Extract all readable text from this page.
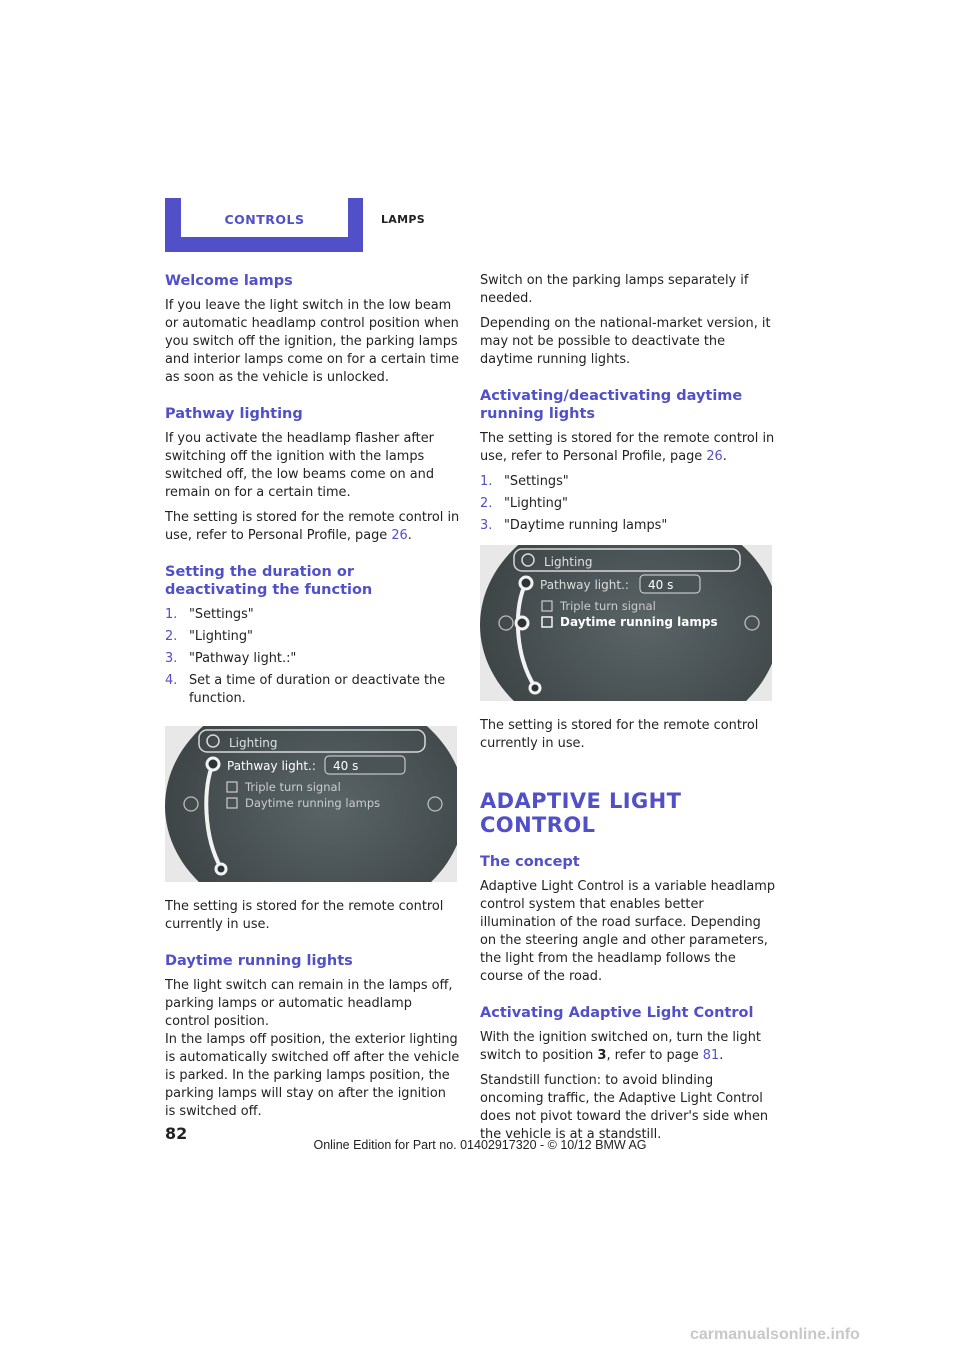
CONTROLS	LAMPS
Welcome lamps

If you leave the light switch in the low beam or automatic headlamp control position when you switch off the ignition, the parking lamps and interior lamps come on for a certain time as soon as the vehicle is unlocked.

Pathway lighting

If you activate the headlamp flasher after switching off the ignition with the lamps switched off, the low beams come on and remain on for a certain time.

The setting is stored for the remote control in use, refer to Personal Profile, page 26.

Setting the duration or deactivating the function
1. "Settings"
2. "Lighting"
3. "Pathway light.:"
4. Set a time of duration or deactivate the function.
Lighting
Pathway light.: 40 s
Triple turn signal
Daytime running lamps

The setting is stored for the remote control currently in use.

Daytime running lights

The light switch can remain in the lamps off, parking lamps or automatic headlamp control position.

In the lamps off position, the exterior lighting is automatically switched off after the vehicle is parked. In the parking lamps position, the parking lamps will stay on after the ignition is switched off.

Switch on the parking lamps separately if needed.

Depending on the national-market version, it may not be possible to deactivate the daytime running lights.

Activating/deactivating daytime running lights

The setting is stored for the remote control in use, refer to Personal Profile, page 26.

1. "Settings"
2. "Lighting"
3. "Daytime running lamps"
Lighting
Pathway light.: 40 s
Triple turn signal
Daytime running lamps

The setting is stored for the remote control currently in use.

ADAPTIVE LIGHT CONTROL
The concept

Adaptive Light Control is a variable headlamp control system that enables better illumination of the road surface. Depending on the steering angle and other parameters, the light from the headlamp follows the course of the road.

Activating Adaptive Light Control

With the ignition switched on, turn the light switch to position 3, refer to page 81.

Standstill function: to avoid blinding oncoming traffic, the Adaptive Light Control does not pivot toward the driver's side when the vehicle is at a standstill.

82
Online Edition for Part no. 01402917320 - © 10/12 BMW AG
carmanualsonline.info
